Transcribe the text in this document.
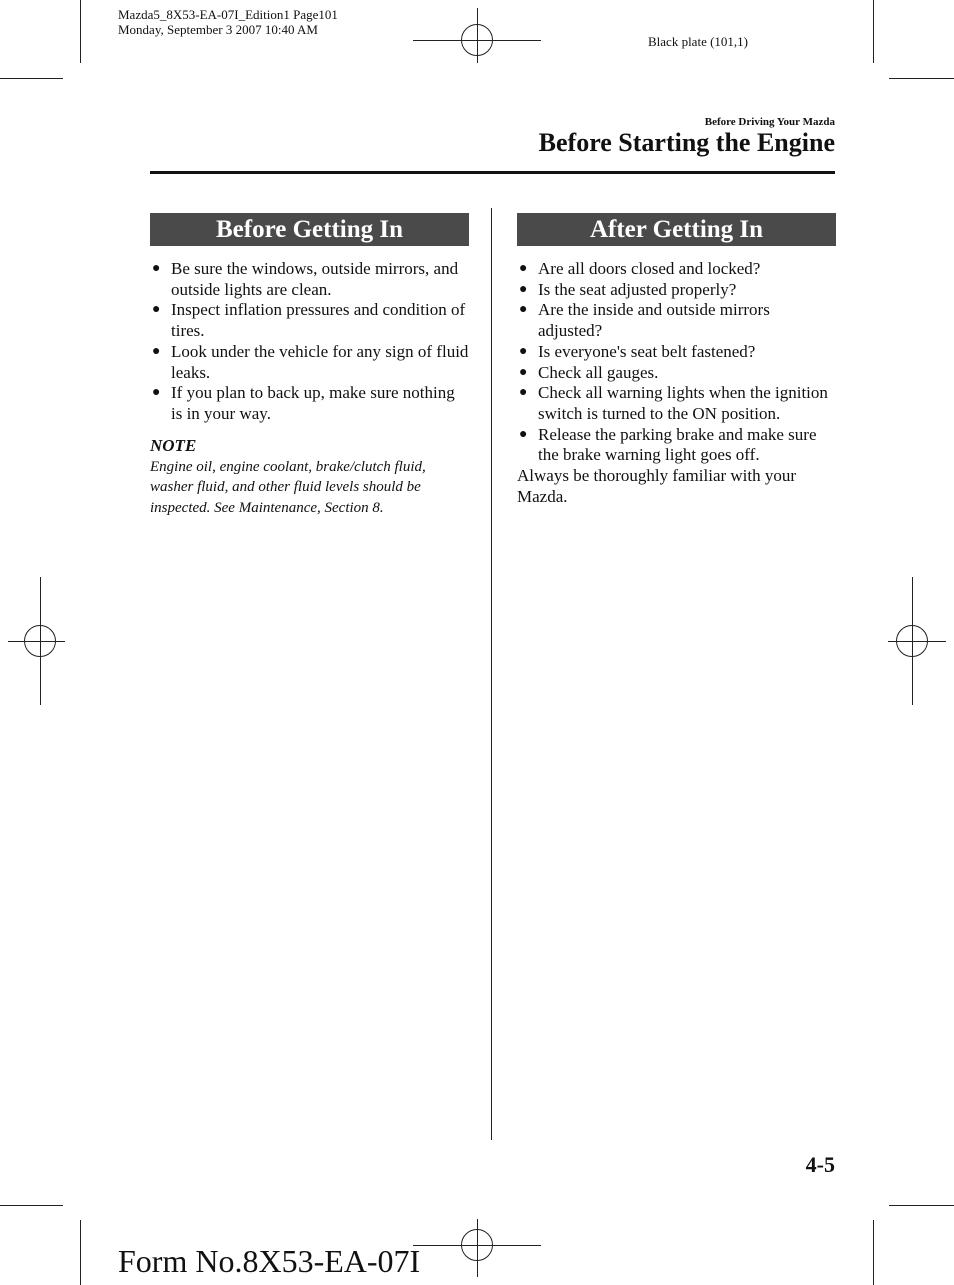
Mazda5_8X53-EA-07I_Edition1 Page101
Monday, September 3 2007 10:40 AM
Black plate (101,1)
Before Driving Your Mazda
Before Starting the Engine
Before Getting In
● Be sure the windows, outside mirrors, and outside lights are clean.
● Inspect inflation pressures and condition of tires.
● Look under the vehicle for any sign of fluid leaks.
● If you plan to back up, make sure nothing is in your way.
NOTE
Engine oil, engine coolant, brake/clutch fluid, washer fluid, and other fluid levels should be inspected. See Maintenance, Section 8.
After Getting In
● Are all doors closed and locked?
● Is the seat adjusted properly?
● Are the inside and outside mirrors adjusted?
● Is everyone's seat belt fastened?
● Check all gauges.
● Check all warning lights when the ignition switch is turned to the ON position.
● Release the parking brake and make sure the brake warning light goes off.
Always be thoroughly familiar with your Mazda.
4-5
Form No.8X53-EA-07I
